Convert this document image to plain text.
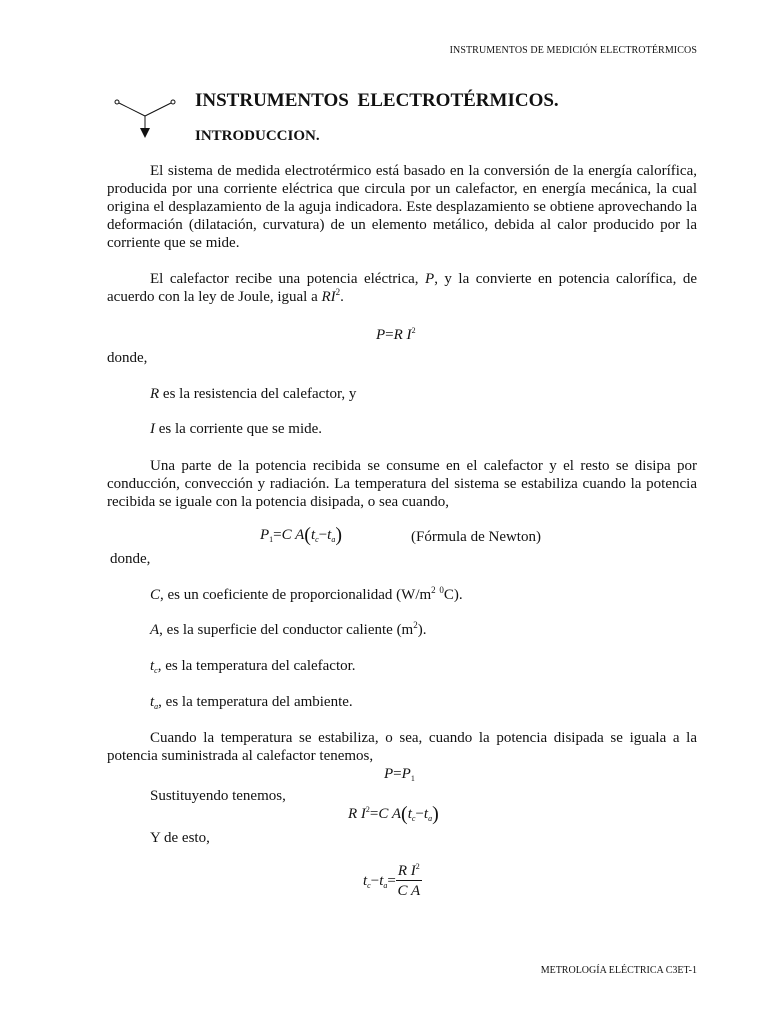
INSTRUMENTOS DE MEDICIÓN ELECTROTÉRMICOS
INSTRUMENTOS ELECTROTÉRMICOS.
INTRODUCCION.

El sistema de medida electrotérmico está basado en la conversión de la energía calorífica, producida por una corriente eléctrica que circula por un calefactor, en energía mecánica, la cual origina el desplazamiento de la aguja indicadora. Este desplazamiento se obtiene aprovechando la deformación (dilatación, curvatura) de un elemento metálico, debida al calor producido por la corriente que se mide.

El calefactor recibe una potencia eléctrica, P, y la convierte en potencia calorífica, de acuerdo con la ley de Joule, igual a $RI^2$.

P=R $I^2$

donde,

R es la resistencia del calefactor, y

I es la corriente que se mide.

Una parte de la potencia recibida se consume en el calefactor y el resto se disipa por conducción, convección y radiación. La temperatura del sistema se estabiliza cuando la potencia recibida se iguale con la potencia disipada, o sea cuando,

$P_1=C$ $A(t_c-t_a)$	(Fórmula de Newton)

donde,

C, es un coeficiente de proporcionalidad ($W/m^2$ $^0$C).

A, es la superficie del conductor caliente $(m^2)$.

$t_c$, es la temperatura del calefactor.

$t_a$, es la temperatura del ambiente.

Cuando la temperatura se estabiliza, o sea, cuando la potencia disipada se iguala a la potencia suministrada al calefactor tenemos,

$P=P_1$

Sustituyendo tenemos,

R $I^2=C$ $A(t_c-t_a)$

Y de esto,

$t_c-t_a= \frac{R I^2}{\text{C A}}$
METROLOGÍA ELÉCTRICA C3ET-1
